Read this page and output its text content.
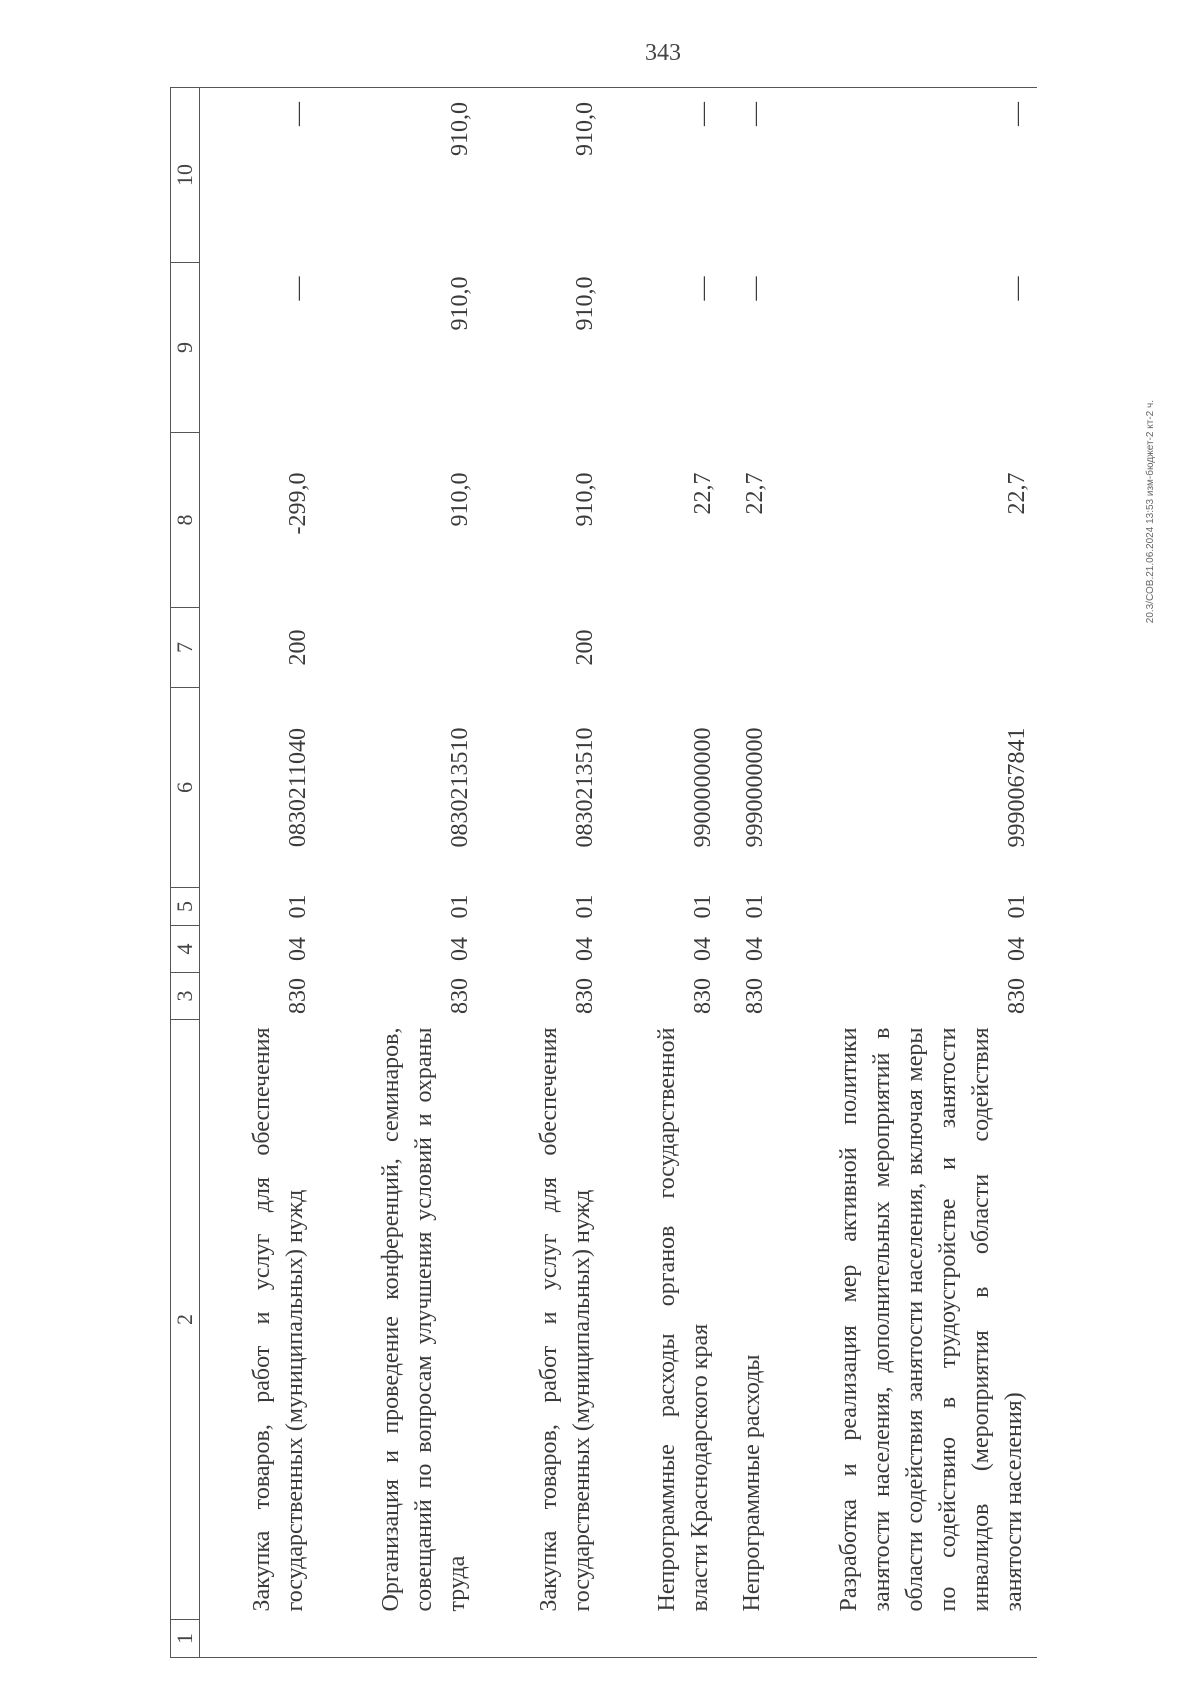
343
1	2	3	4	5	6	7	8	9	10
	Закупка товаров, работ и услуг для обеспечения государственных (муниципальных) нужд	830	04	01	0830211040	200	-299,0	—	—
	Организация и проведение конференций, семинаров, совещаний по вопросам улучшения условий и охраны труда	830	04	01	0830213510		910,0	910,0	910,0
	Закупка товаров, работ и услуг для обеспечения государственных (муниципальных) нужд	830	04	01	0830213510	200	910,0	910,0	910,0
	Непрограммные расходы органов государственной власти Краснодарского края	830	04	01	9900000000		22,7	—	—
	Непрограммные расходы	830	04	01	9990000000		22,7	—	—
	Разработка и реализация мер активной политики занятости населения, дополнительных мероприятий в области содействия занятости населения, включая меры по содействию в трудоустройстве и занятости инвалидов (мероприятия в области содействия занятости населения)	830	04	01	9990067841		22,7	—	—
20.3/СОВ.21.06.2024 13:53 изм-бюджет-2 кт-2 ч.
